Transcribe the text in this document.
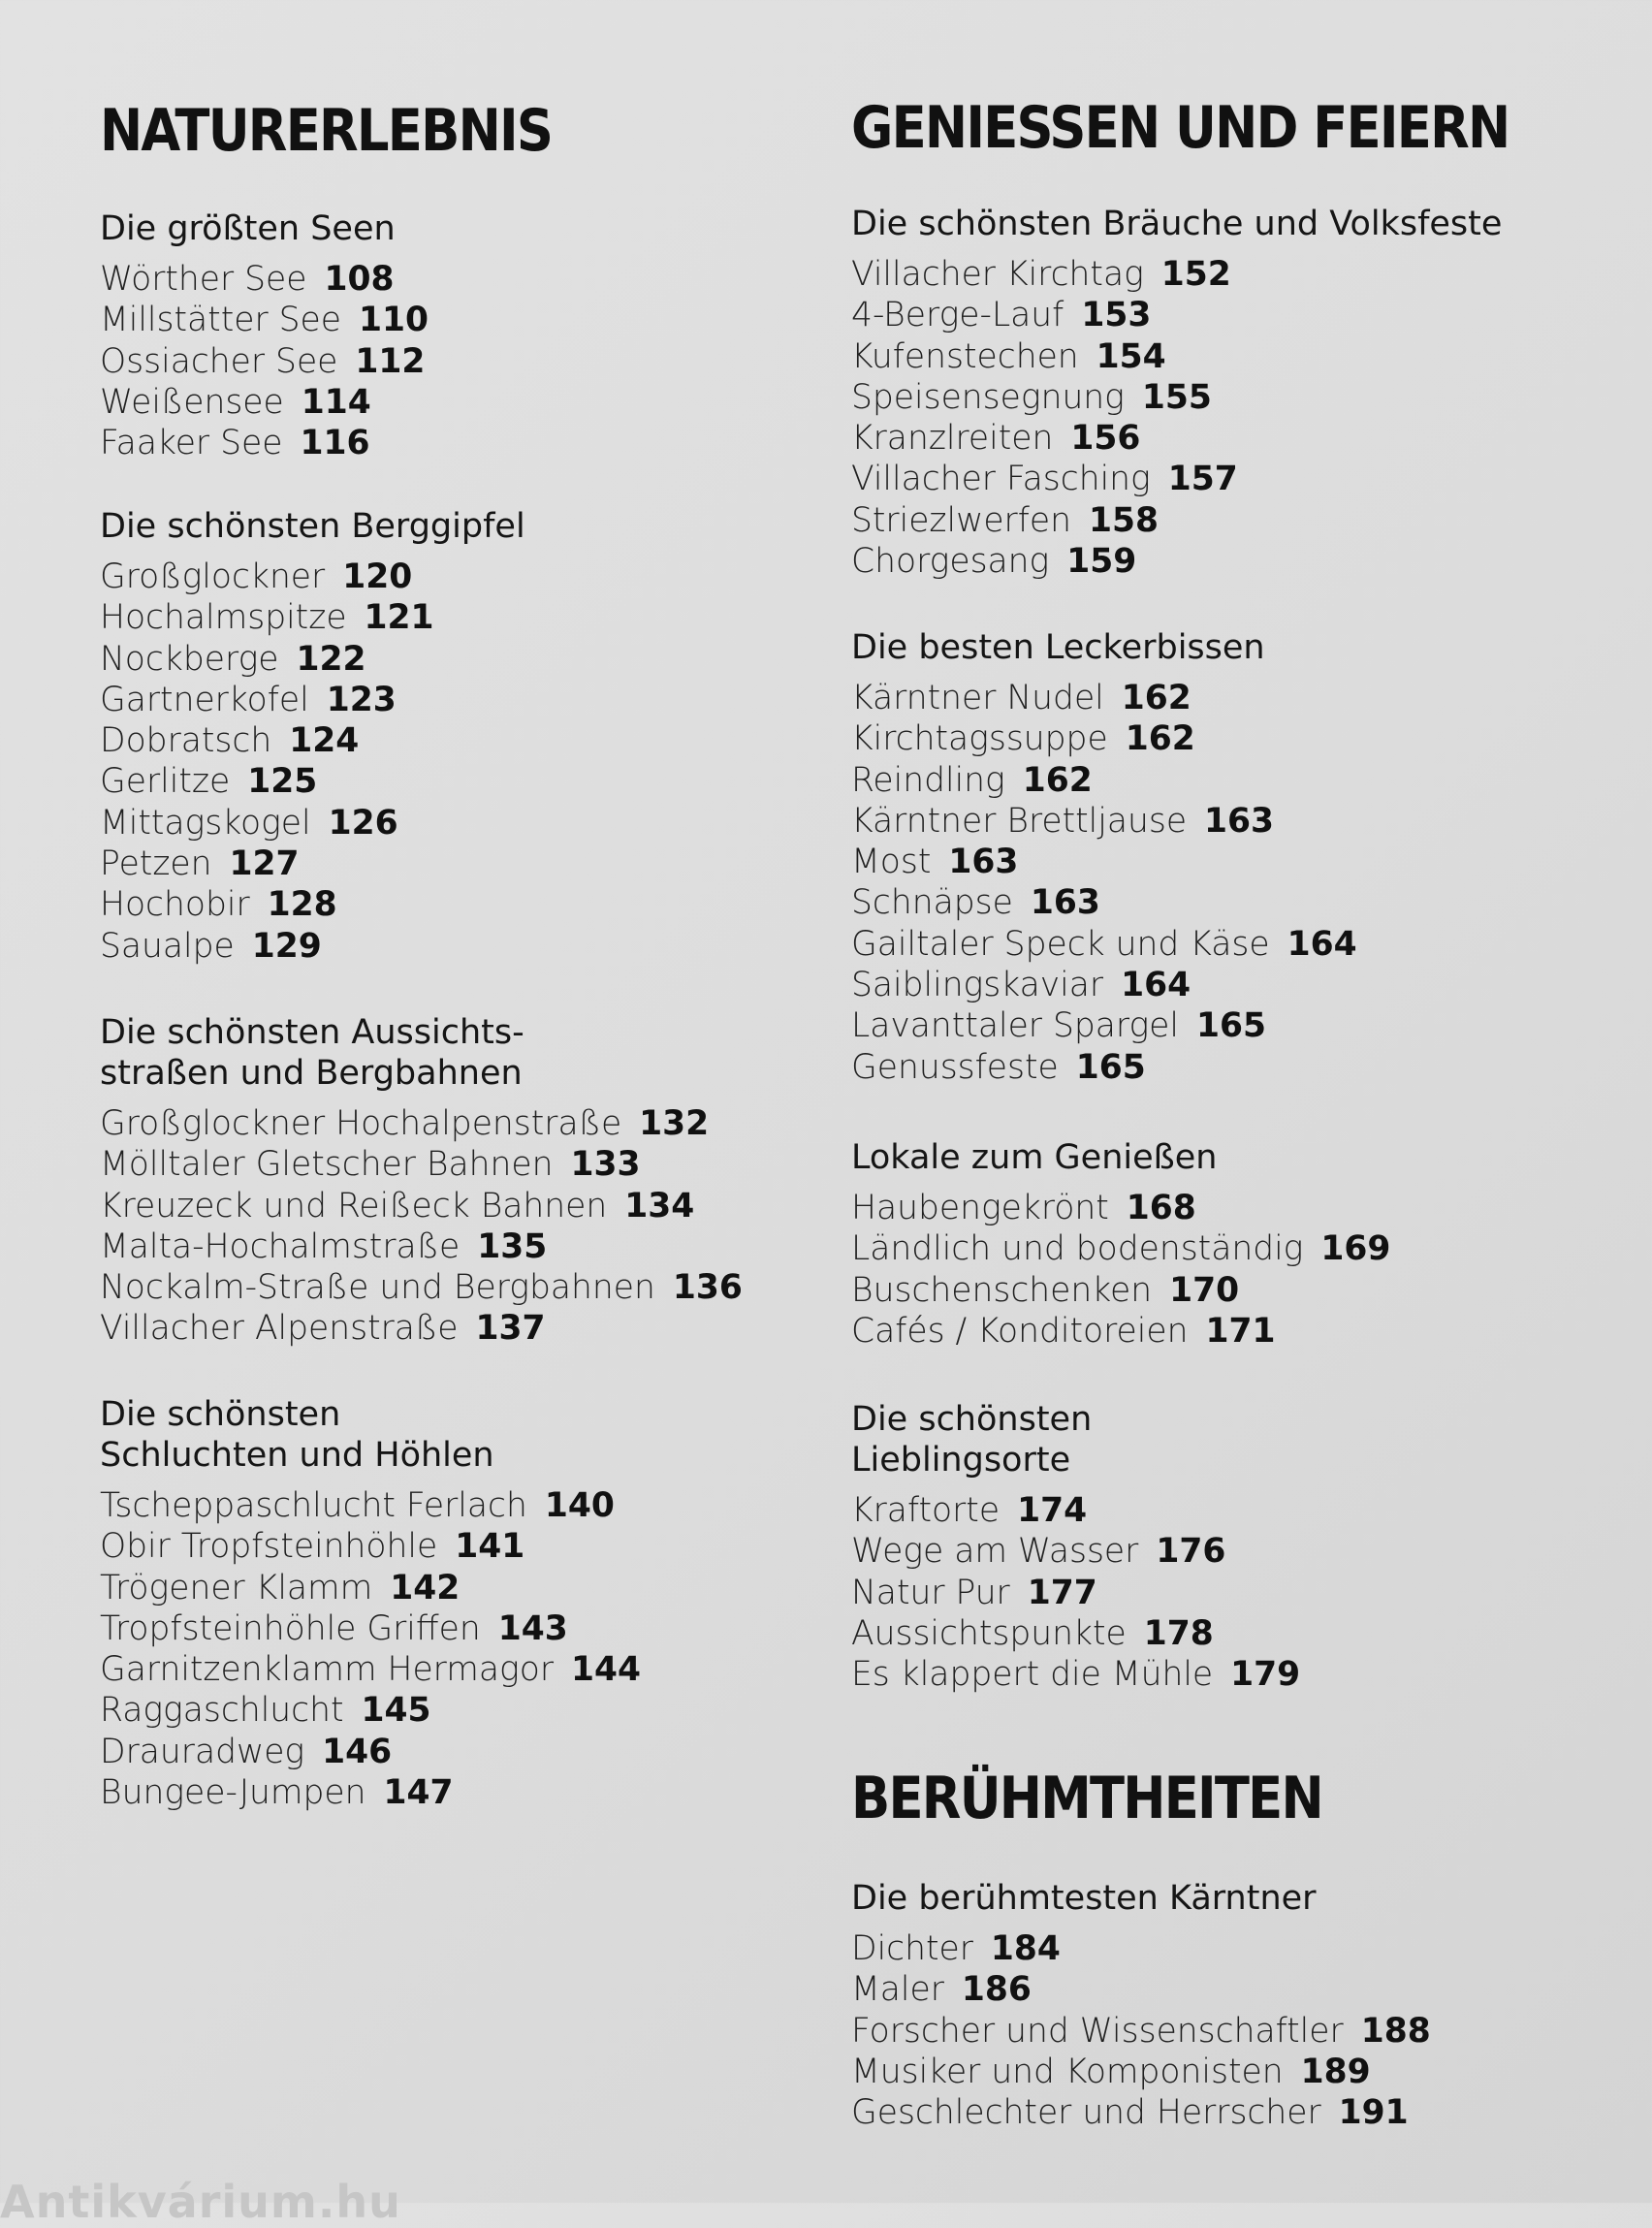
NATURERLEBNIS
Die größten Seen
Wörther See 108
Millstätter See 110
Ossiacher See 112
Weißensee 114
Faaker See 116
Die schönsten Berggipfel
Großglockner 120
Hochalmspitze 121
Nockberge 122
Gartnerkofel 123
Dobratsch 124
Gerlitze 125
Mittagskogel 126
Petzen 127
Hochobir 128
Saualpe 129
Die schönsten Aussichts-
straßen und Bergbahnen
Großglockner Hochalpenstraße 132
Mölltaler Gletscher Bahnen 133
Kreuzeck und Reißeck Bahnen 134
Malta-Hochalmstraße 135
Nockalm-Straße und Bergbahnen 136
Villacher Alpenstraße 137
Die schönsten
Schluchten und Höhlen
Tscheppaschlucht Ferlach 140
Obir Tropfsteinhöhle 141
Trögener Klamm 142
Tropfsteinhöhle Griffen 143
Garnitzenklamm Hermagor 144
Raggaschlucht 145
Drauradweg 146
Bungee-Jumpen 147
GENIESSEN UND FEIERN
Die schönsten Bräuche und Volksfeste
Villacher Kirchtag 152
4-Berge-Lauf 153
Kufenstechen 154
Speisensegnung 155
Kranzlreiten 156
Villacher Fasching 157
Striezlwerfen 158
Chorgesang 159
Die besten Leckerbissen
Kärntner Nudel 162
Kirchtagssuppe 162
Reindling 162
Kärntner Brettljause 163
Most 163
Schnäpse 163
Gailtaler Speck und Käse 164
Saiblingskaviar 164
Lavanttaler Spargel 165
Genussfeste 165
Lokale zum Genießen
Haubengekrönt 168
Ländlich und bodenständig 169
Buschenschenken 170
Cafés / Konditoreien 171
Die schönsten
Lieblingsorte
Kraftorte 174
Wege am Wasser 176
Natur Pur 177
Aussichtspunkte 178
Es klappert die Mühle 179
BERÜHMTHEITEN
Die berühmtesten Kärntner
Dichter 184
Maler 186
Forscher und Wissenschaftler 188
Musiker und Komponisten 189
Geschlechter und Herrscher 191
Antikvárium.hu
